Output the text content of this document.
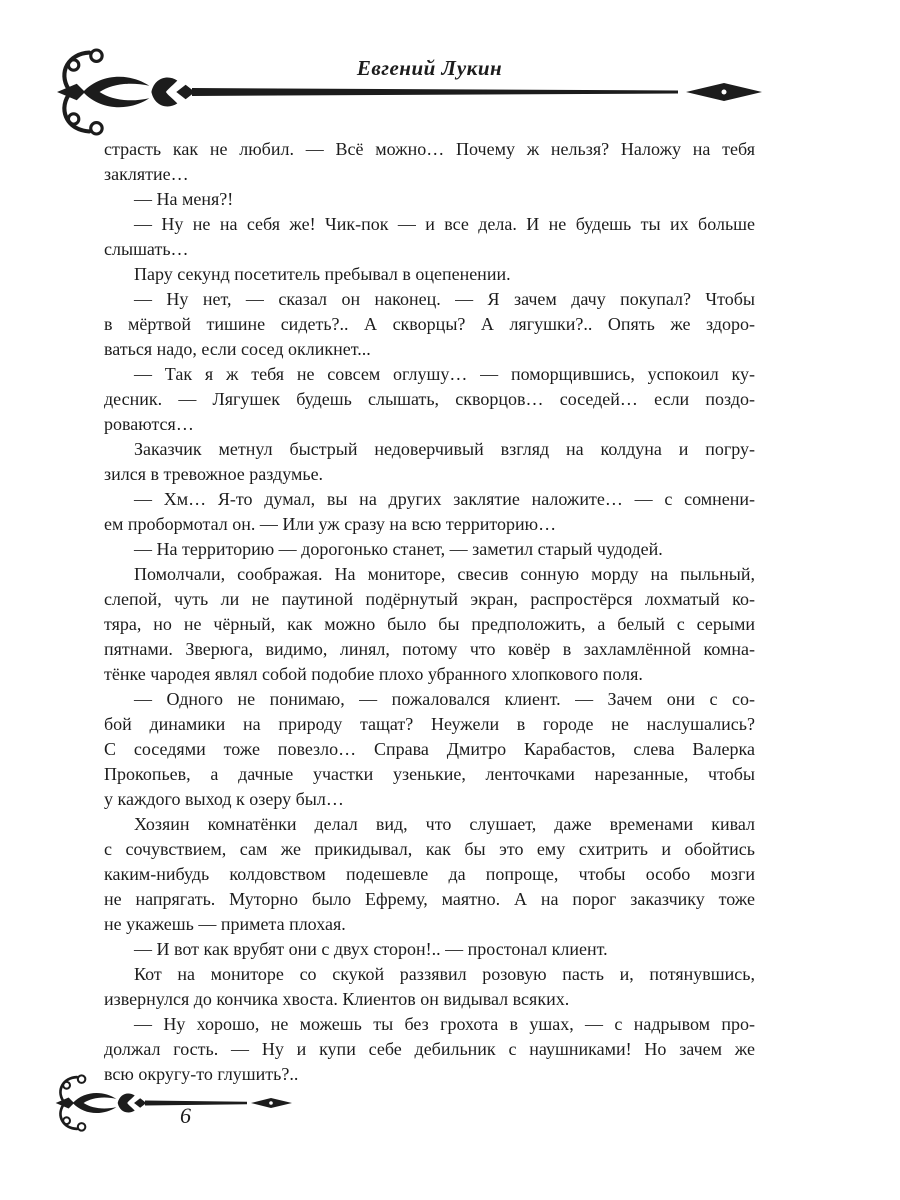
Евгений Лукин
страсть как не любил. — Всё можно… Почему ж нельзя? Наложу на тебя
заклятие…
— На меня?!
— Ну не на себя же! Чик-пок — и все дела. И не будешь ты их больше
слышать…
Пару секунд посетитель пребывал в оцепенении.
— Ну нет, — сказал он наконец. — Я зачем дачу покупал? Чтобы
в мёртвой тишине сидеть?.. А скворцы? А лягушки?.. Опять же здоро-
ваться надо, если сосед окликнет...
— Так я ж тебя не совсем оглушу… — поморщившись, успокоил ку-
десник. — Лягушек будешь слышать, скворцов… соседей… если поздо-
роваются…
Заказчик метнул быстрый недоверчивый взгляд на колдуна и погру-
зился в тревожное раздумье.
— Хм… Я-то думал, вы на других заклятие наложите… — с сомнени-
ем пробормотал он. — Или уж сразу на всю территорию…
— На территорию — дорогонько станет, — заметил старый чудодей.
Помолчали, соображая. На мониторе, свесив сонную морду на пыльный,
слепой, чуть ли не паутиной подёрнутый экран, распростёрся лохматый ко-
тяра, но не чёрный, как можно было бы предположить, а белый с серыми
пятнами. Зверюга, видимо, линял, потому что ковёр в захламлённой комна-
тёнке чародея являл собой подобие плохо убранного хлопкового поля.
— Одного не понимаю, — пожаловался клиент. — Зачем они с со-
бой динамики на природу тащат? Неужели в городе не наслушались?
С соседями тоже повезло… Справа Дмитро Карабастов, слева Валерка
Прокопьев, а дачные участки узенькие, ленточками нарезанные, чтобы
у каждого выход к озеру был…
Хозяин комнатёнки делал вид, что слушает, даже временами кивал
с сочувствием, сам же прикидывал, как бы это ему схитрить и обойтись
каким-нибудь колдовством подешевле да попроще, чтобы особо мозги
не напрягать. Муторно было Ефрему, маятно. А на порог заказчику тоже
не укажешь — примета плохая.
— И вот как врубят они с двух сторон!.. — простонал клиент.
Кот на мониторе со скукой раззявил розовую пасть и, потянувшись,
извернулся до кончика хвоста. Клиентов он видывал всяких.
— Ну хорошо, не можешь ты без грохота в ушах, — с надрывом про-
должал гость. — Ну и купи себе дебильник с наушниками! Но зачем же
всю округу-то глушить?..
6
